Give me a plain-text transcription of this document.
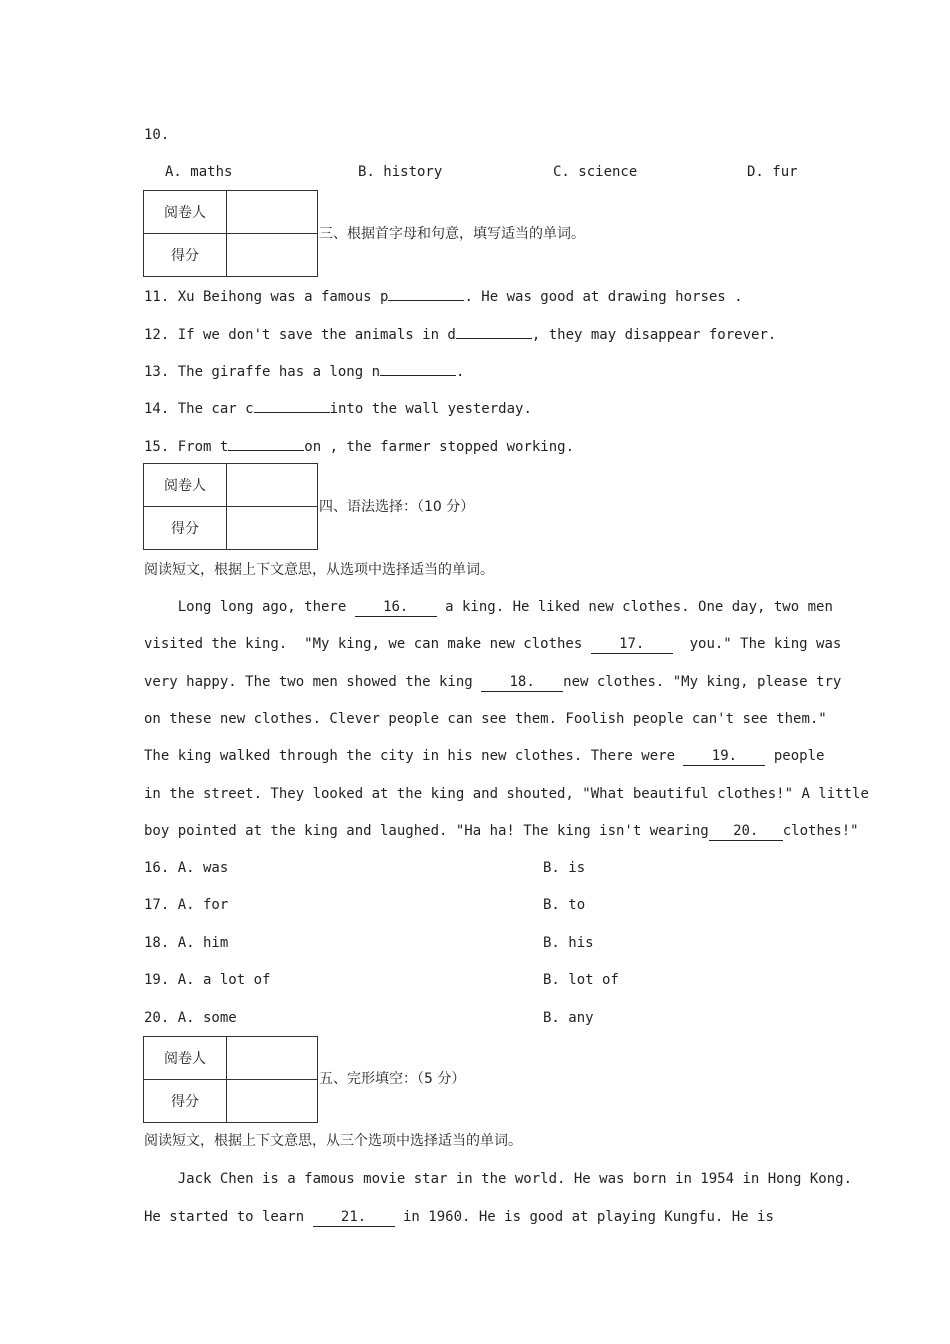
10.
A. maths	B. history	C. science	D. fur
阅卷人	
得分	
三、根据首字母和句意，填写适当的单词。
11. Xu Beihong was a famous p	. He was good at drawing horses .
12. If we don't save the animals in d	, they may disappear forever.
13. The giraffe has a long n	.
14. The car c	into the wall yesterday.
15. From t	on , the farmer stopped working.
阅卷人	
得分	
四、语法选择：（10 分）
阅读短文，根据上下文意思，从选项中选择适当的单词。
Long long ago, there 16. a king. He liked new clothes. One day, two men
visited the king.  "My king, we can make new clothes 17.  you." The king was
very happy. The two men showed the king 18. new clothes. "My king, please try
on these new clothes. Clever people can see them. Foolish people can't see them."
The king walked through the city in his new clothes. There were 19. people
in the street. They looked at the king and shouted, "What beautiful clothes!" A little
boy pointed at the king and laughed. "Ha ha! The king isn't wearing 20. clothes!"
16. A. was	B. is
17. A. for	B. to
18. A. him	B. his
19. A. a lot of	B. lot of
20. A. some	B. any
阅卷人	
得分	
五、完形填空：（5 分）
阅读短文，根据上下文意思，从三个选项中选择适当的单词。
Jack Chen is a famous movie star in the world. He was born in 1954 in Hong Kong.
He started to learn 21. in 1960. He is good at playing Kungfu. He is
